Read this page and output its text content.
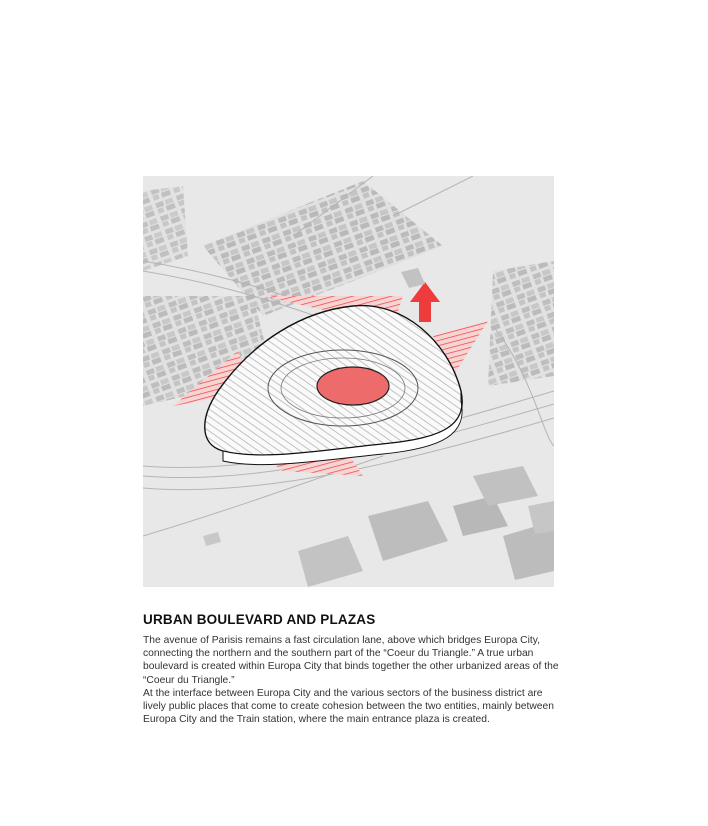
URBAN BOULEVARD AND PLAZAS

The avenue of Parisis remains a fast circulation lane, above which bridges Europa City, connecting the northern and the southern part of the “Coeur du Triangle.” A true urban boulevard is created within Europa City that binds together the other urbanized areas of the “Coeur du Triangle.”

At the interface between Europa City and the various sectors of the business district are lively public places that come to create cohesion between the two entities, mainly between Europa City and the Train station, where the main entrance plaza is created.
